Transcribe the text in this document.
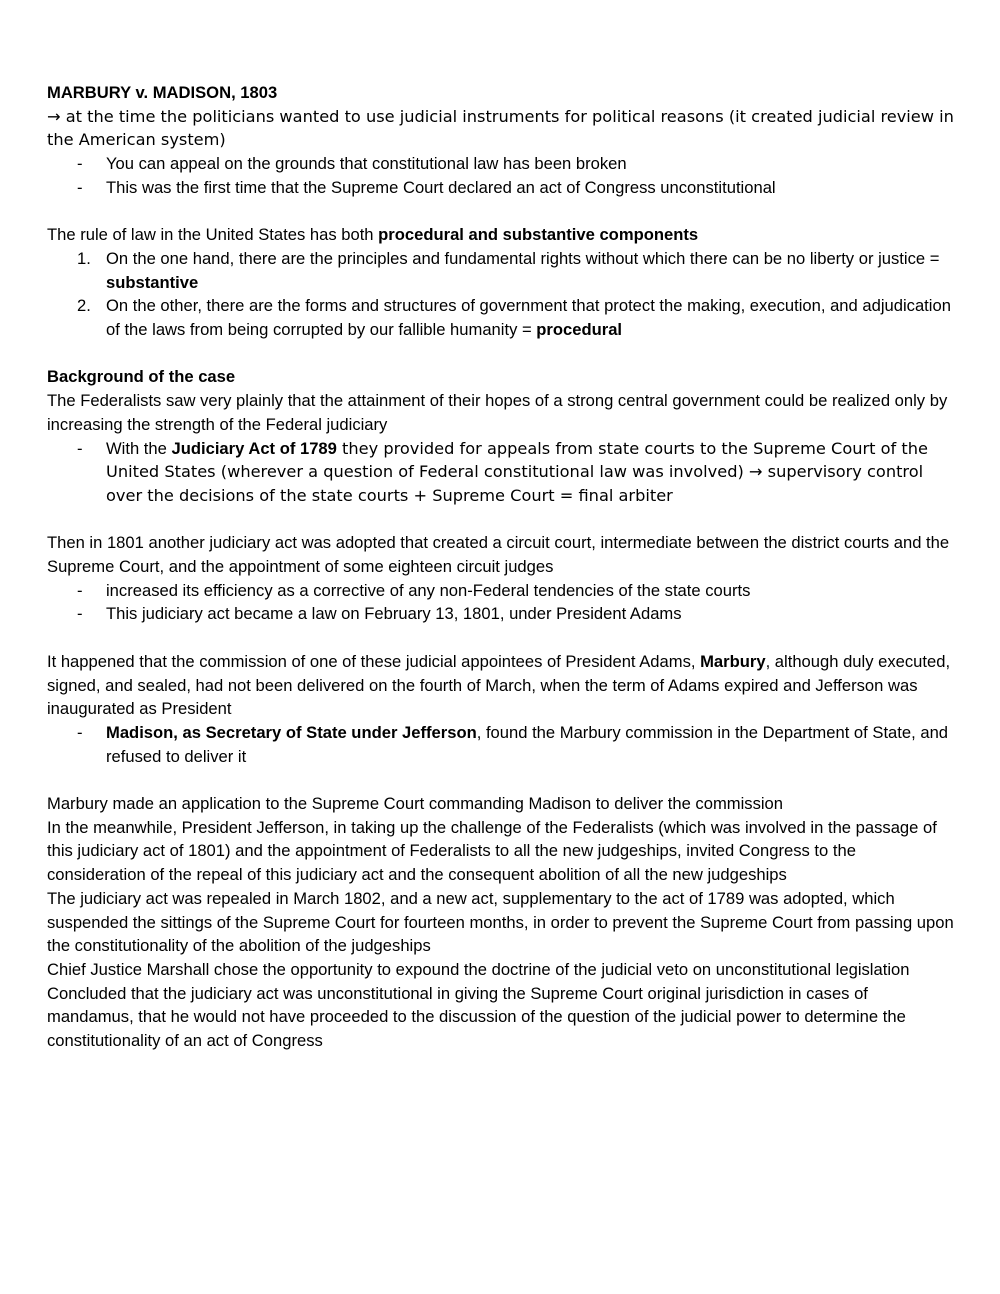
MARBURY v. MADISON, 1803

→ at the time the politicians wanted to use judicial instruments for political reasons (it created judicial review in the American system)

- You can appeal on the grounds that constitutional law has been broken
- This was the first time that the Supreme Court declared an act of Congress unconstitutional

The rule of law in the United States has both procedural and substantive components

1. On the one hand, there are the principles and fundamental rights without which there can be no liberty or justice = substantive
2. On the other, there are the forms and structures of government that protect the making, execution, and adjudication of the laws from being corrupted by our fallible humanity = procedural

Background of the case

The Federalists saw very plainly that the attainment of their hopes of a strong central government could be realized only by increasing the strength of the Federal judiciary

- With the Judiciary Act of 1789 they provided for appeals from state courts to the Supreme Court of the United States (wherever a question of Federal constitutional law was involved) → supervisory control over the decisions of the state courts + Supreme Court = final arbiter

Then in 1801 another judiciary act was adopted that created a circuit court, intermediate between the district courts and the Supreme Court, and the appointment of some eighteen circuit judges

- increased its efficiency as a corrective of any non-Federal tendencies of the state courts
- This judiciary act became a law on February 13, 1801, under President Adams

It happened that the commission of one of these judicial appointees of President Adams, Marbury, although duly executed, signed, and sealed, had not been delivered on the fourth of March, when the term of Adams expired and Jefferson was inaugurated as President

- Madison, as Secretary of State under Jefferson, found the Marbury commission in the Department of State, and refused to deliver it

Marbury made an application to the Supreme Court commanding Madison to deliver the commission

In the meanwhile, President Jefferson, in taking up the challenge of the Federalists (which was involved in the passage of this judiciary act of 1801) and the appointment of Federalists to all the new judgeships, invited Congress to the consideration of the repeal of this judiciary act and the consequent abolition of all the new judgeships

The judiciary act was repealed in March 1802, and a new act, supplementary to the act of 1789 was adopted, which suspended the sittings of the Supreme Court for fourteen months, in order to prevent the Supreme Court from passing upon the constitutionality of the abolition of the judgeships

Chief Justice Marshall chose the opportunity to expound the doctrine of the judicial veto on unconstitutional legislation

Concluded that the judiciary act was unconstitutional in giving the Supreme Court original jurisdiction in cases of mandamus, that he would not have proceeded to the discussion of the question of the judicial power to determine the constitutionality of an act of Congress
